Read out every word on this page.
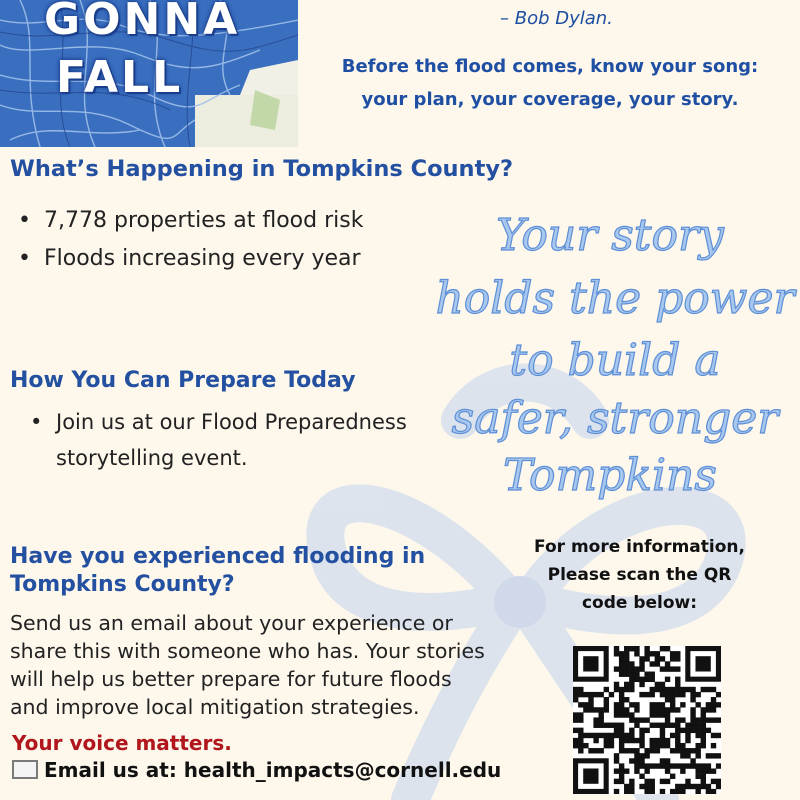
GONNA
FALL
– Bob Dylan.
Before the flood comes, know your song:
your plan, your coverage, your story.
What’s Happening in Tompkins County?
• 7,778 properties at flood risk
• Floods increasing every year	Your story
holds the power
to build a
safer, stronger
Tompkins
How You Can Prepare Today
• Join us at our Flood Preparedness
storytelling event.
Have you experienced flooding in
Tompkins County?
Send us an email about your experience or
share this with someone who has. Your stories
will help us better prepare for future floods
and improve local mitigation strategies.
Your voice matters.
Email us at: health_impacts@cornell.edu
For more information,
Please scan the QR
code below:
